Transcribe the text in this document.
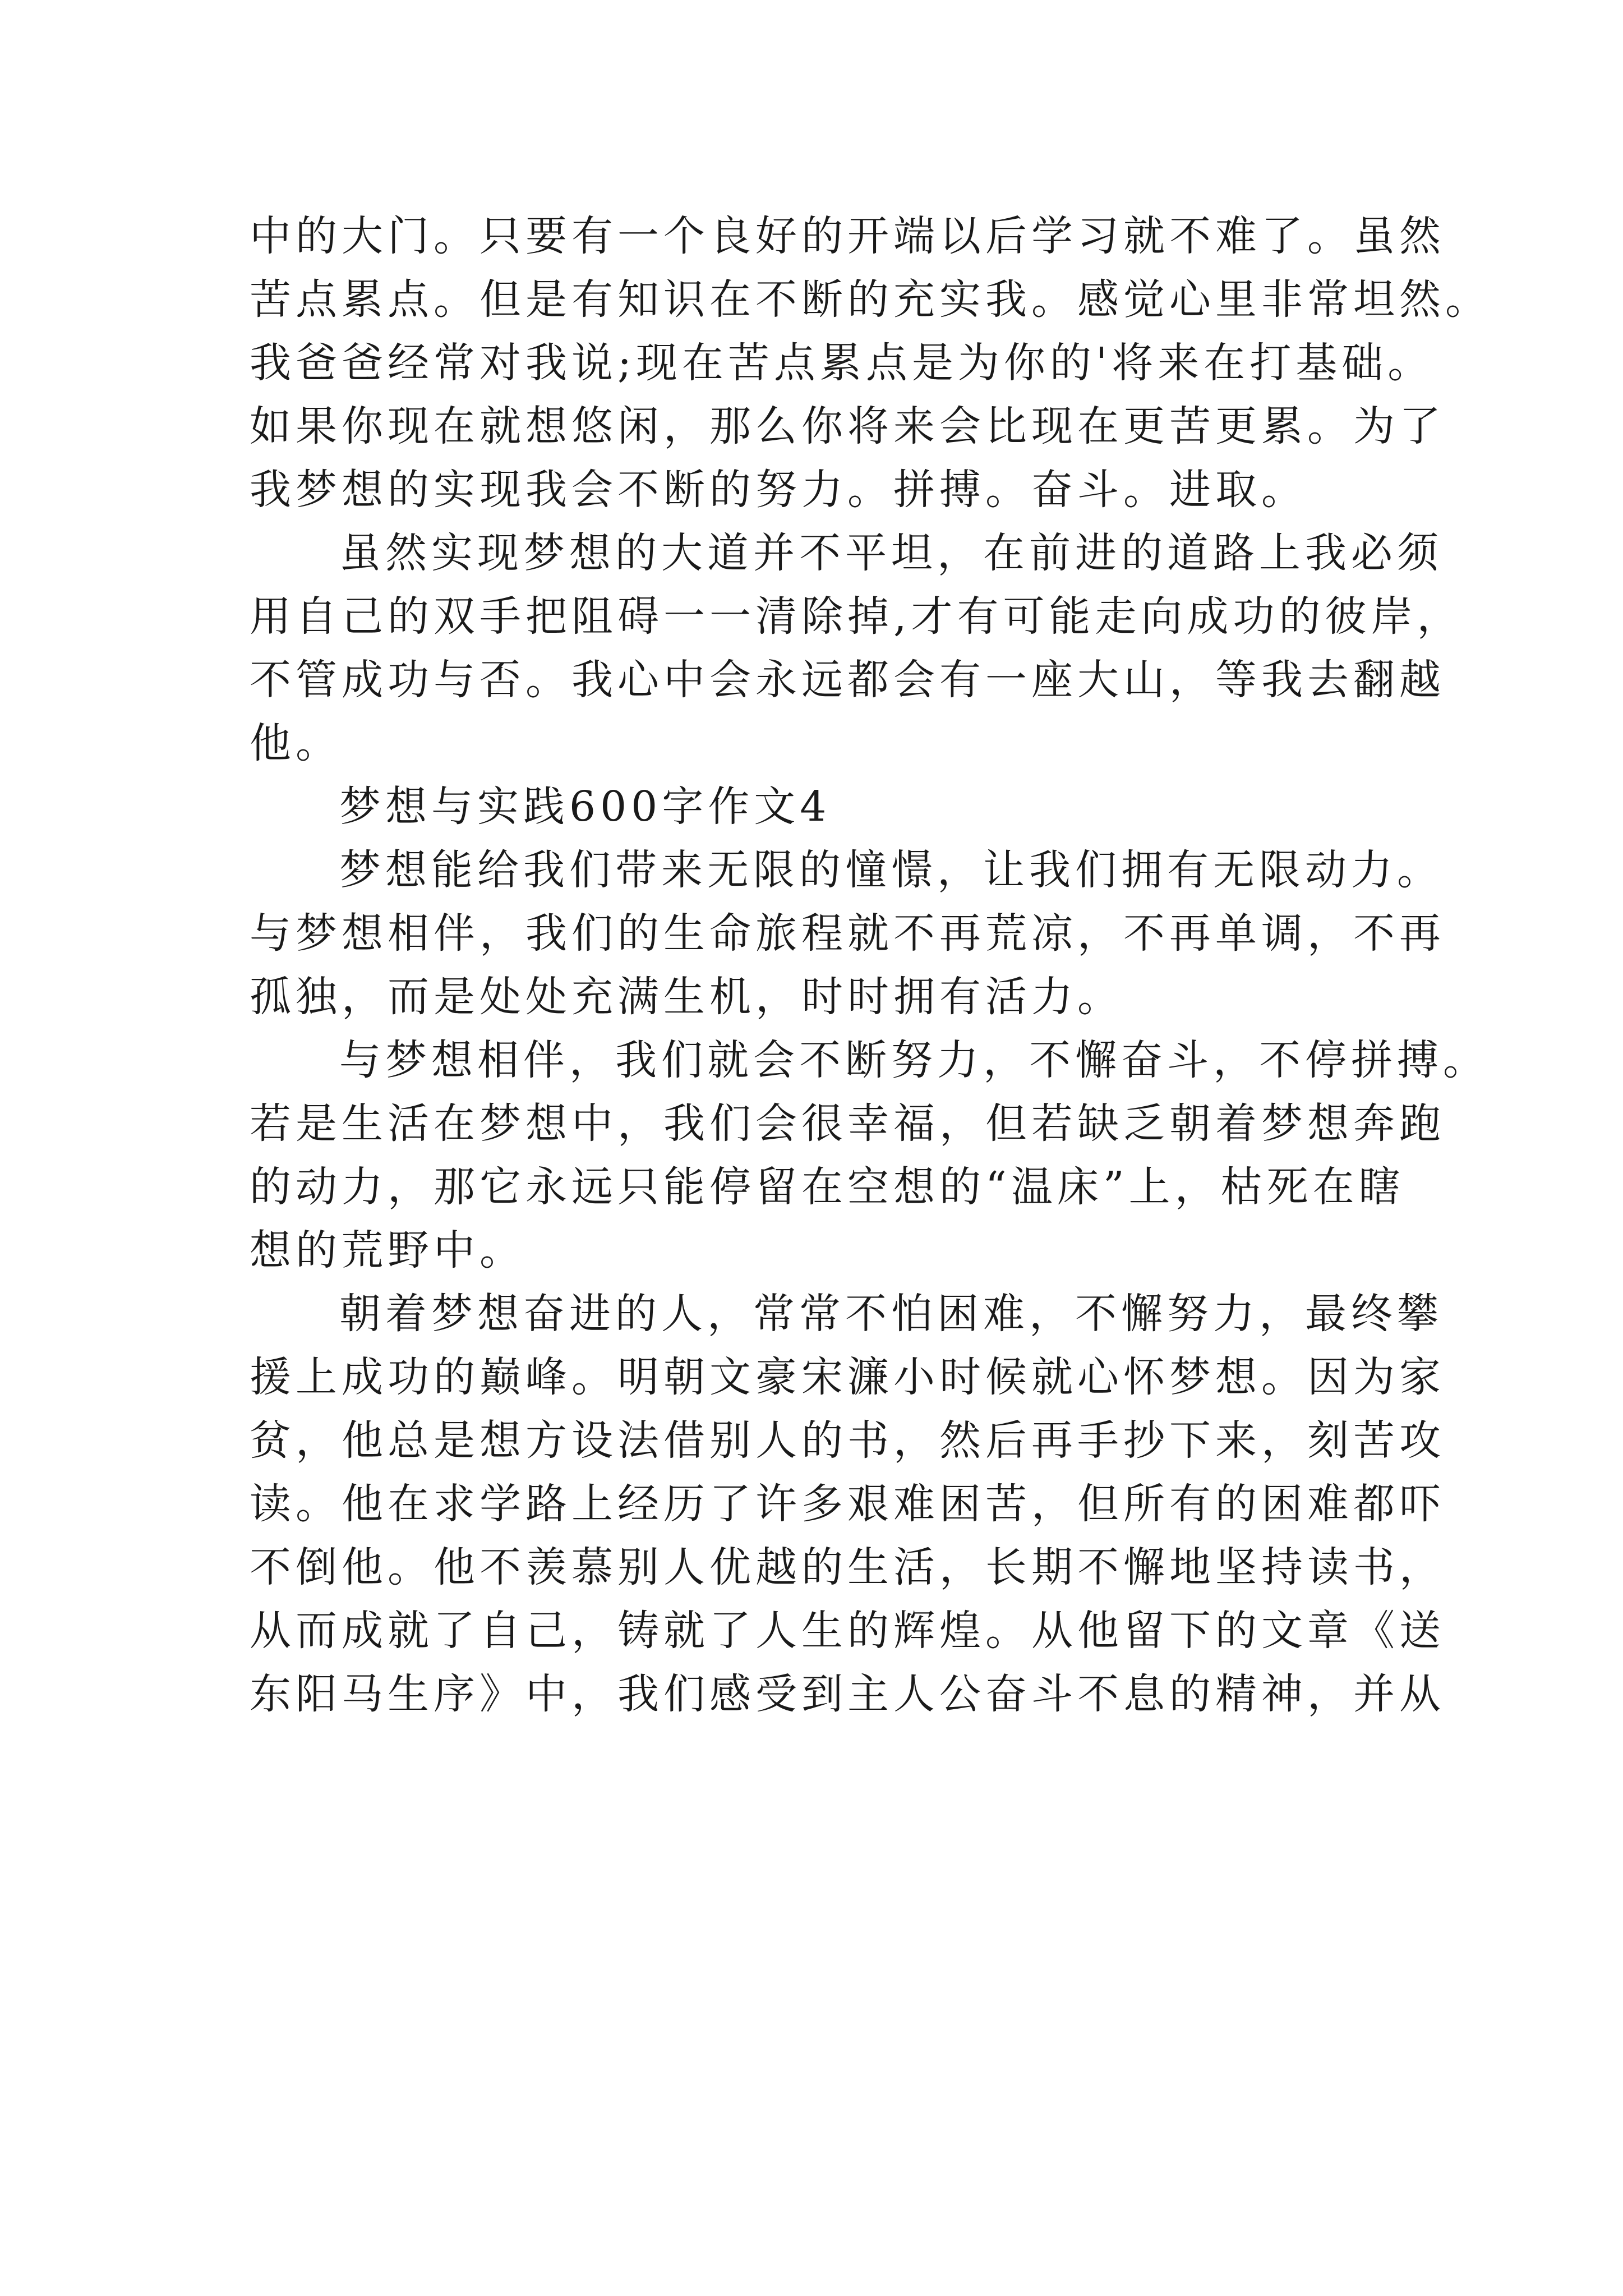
中的大门。只要有一个良好的开端以后学习就不难了。虽然
苦点累点。但是有知识在不断的充实我。感觉心里非常坦然。
我爸爸经常对我说;现在苦点累点是为你的'将来在打基础。
如果你现在就想悠闲，那么你将来会比现在更苦更累。为了
我梦想的实现我会不断的努力。拼搏。奋斗。进取。
虽然实现梦想的大道并不平坦，在前进的道路上我必须
用自己的双手把阻碍一一清除掉,才有可能走向成功的彼岸，
不管成功与否。我心中会永远都会有一座大山，等我去翻越
他。
梦想与实践600字作文4
梦想能给我们带来无限的憧憬，让我们拥有无限动力。
与梦想相伴，我们的生命旅程就不再荒凉，不再单调，不再
孤独，而是处处充满生机，时时拥有活力。
与梦想相伴，我们就会不断努力，不懈奋斗，不停拼搏。
若是生活在梦想中，我们会很幸福，但若缺乏朝着梦想奔跑
的动力，那它永远只能停留在空想的“温床”上，枯死在瞎
想的荒野中。
朝着梦想奋进的人，常常不怕困难，不懈努力，最终攀
援上成功的巅峰。明朝文豪宋濂小时候就心怀梦想。因为家
贫，他总是想方设法借别人的书，然后再手抄下来，刻苦攻
读。他在求学路上经历了许多艰难困苦，但所有的困难都吓
不倒他。他不羡慕别人优越的生活，长期不懈地坚持读书，
从而成就了自己，铸就了人生的辉煌。从他留下的文章《送
东阳马生序》中，我们感受到主人公奋斗不息的精神，并从
